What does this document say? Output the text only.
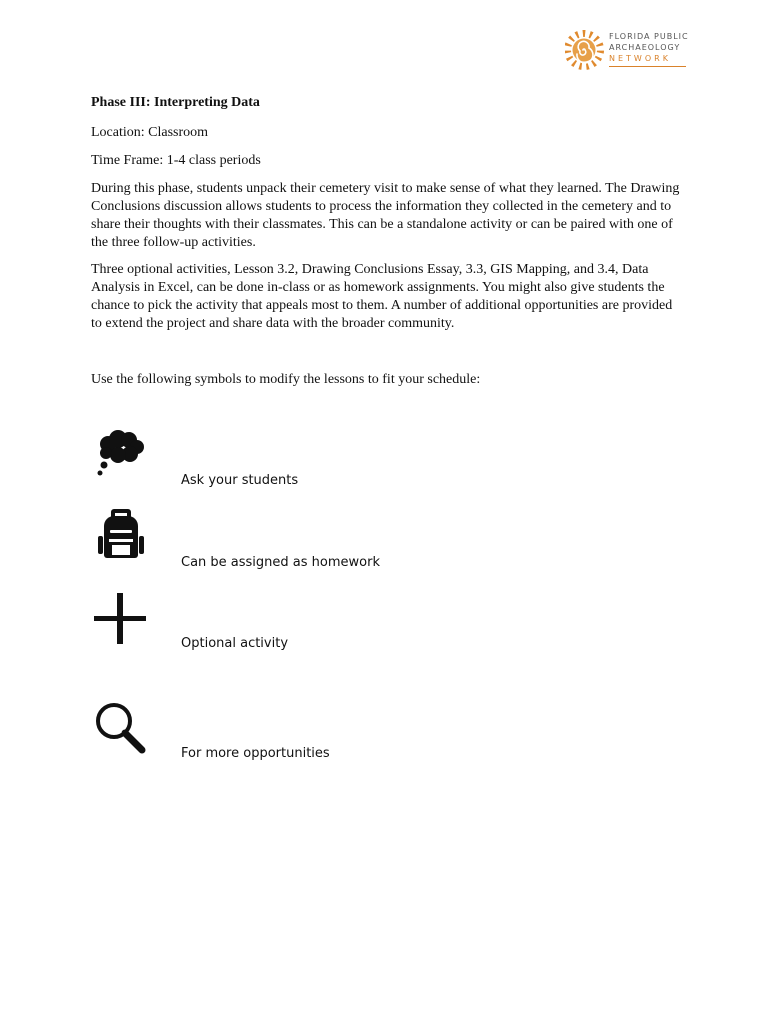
FLORIDA PUBLIC
ARCHAEOLOGY
NETWORK

Phase III: Interpreting Data

Location: Classroom

Time Frame: 1-4 class periods

During this phase, students unpack their cemetery visit to make sense of what they learned. The Drawing Conclusions discussion allows students to process the information they collected in the cemetery and to share their thoughts with their classmates. This can be a standalone activity or can be paired with one of the three follow-up activities.

Three optional activities, Lesson 3.2, Drawing Conclusions Essay, 3.3, GIS Mapping, and 3.4, Data Analysis in Excel, can be done in-class or as homework assignments. You might also give students the chance to pick the activity that appeals most to them. A number of additional opportunities are provided to extend the project and share data with the broader community.

Use the following symbols to modify the lessons to fit your schedule:

Ask your students
Can be assigned as homework
Optional activity
For more opportunities
